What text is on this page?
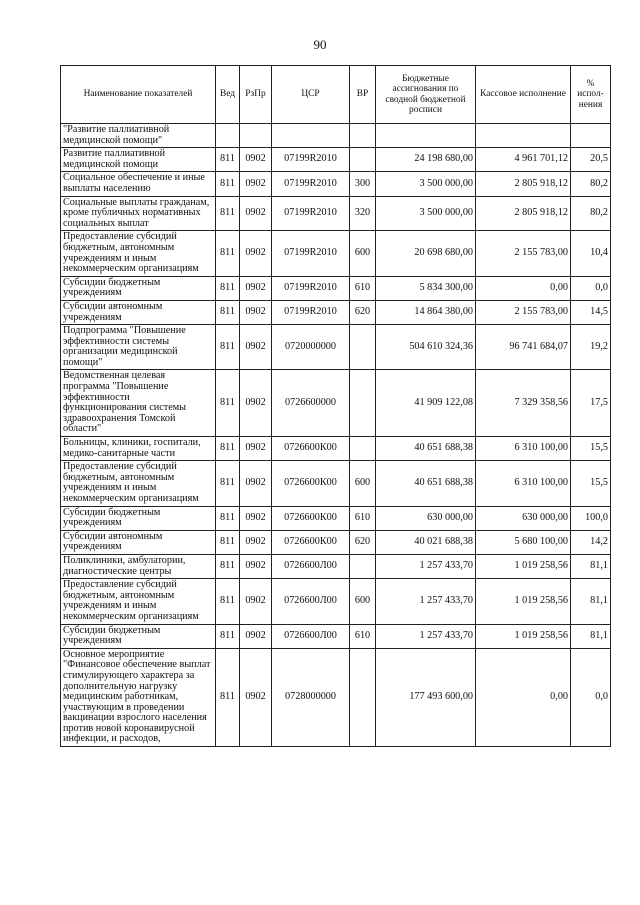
90
Наименование показателей	Вед	РзПр	ЦСР	ВР	Бюджетные ассигнования по сводной бюджетной росписи	Кассовое исполнение	% испол-нения
"Развитие паллиативной медицинской помощи"							
Развитие паллиативной медицинской помощи	811	0902	07199R2010		24 198 680,00	4 961 701,12	20,5
Социальное обеспечение и иные выплаты населению	811	0902	07199R2010	300	3 500 000,00	2 805 918,12	80,2
Социальные выплаты гражданам, кроме публичных нормативных социальных выплат	811	0902	07199R2010	320	3 500 000,00	2 805 918,12	80,2
Предоставление субсидий бюджетным, автономным учреждениям и иным некоммерческим организациям	811	0902	07199R2010	600	20 698 680,00	2 155 783,00	10,4
Субсидии бюджетным учреждениям	811	0902	07199R2010	610	5 834 300,00	0,00	0,0
Субсидии автономным учреждениям	811	0902	07199R2010	620	14 864 380,00	2 155 783,00	14,5
Подпрограмма "Повышение эффективности системы организации медицинской помощи"	811	0902	0720000000		504 610 324,36	96 741 684,07	19,2
Ведомственная целевая программа "Повышение эффективности функционирования системы здравоохранения Томской области"	811	0902	0726600000		41 909 122,08	7 329 358,56	17,5
Больницы, клиники, госпитали, медико-санитарные части	811	0902	0726600К00		40 651 688,38	6 310 100,00	15,5
Предоставление субсидий бюджетным, автономным учреждениям и иным некоммерческим организациям	811	0902	0726600К00	600	40 651 688,38	6 310 100,00	15,5
Субсидии бюджетным учреждениям	811	0902	0726600К00	610	630 000,00	630 000,00	100,0
Субсидии автономным учреждениям	811	0902	0726600К00	620	40 021 688,38	5 680 100,00	14,2
Поликлиники, амбулатории, диагностические центры	811	0902	0726600Л00		1 257 433,70	1 019 258,56	81,1
Предоставление субсидий бюджетным, автономным учреждениям и иным некоммерческим организациям	811	0902	0726600Л00	600	1 257 433,70	1 019 258,56	81,1
Субсидии бюджетным учреждениям	811	0902	0726600Л00	610	1 257 433,70	1 019 258,56	81,1
Основное мероприятие "Финансовое обеспечение выплат стимулирующего характера за дополнительную нагрузку медицинским работникам, участвующим в проведении вакцинации взрослого населения против новой коронавирусной инфекции, и расходов,	811	0902	0728000000		177 493 600,00	0,00	0,0
